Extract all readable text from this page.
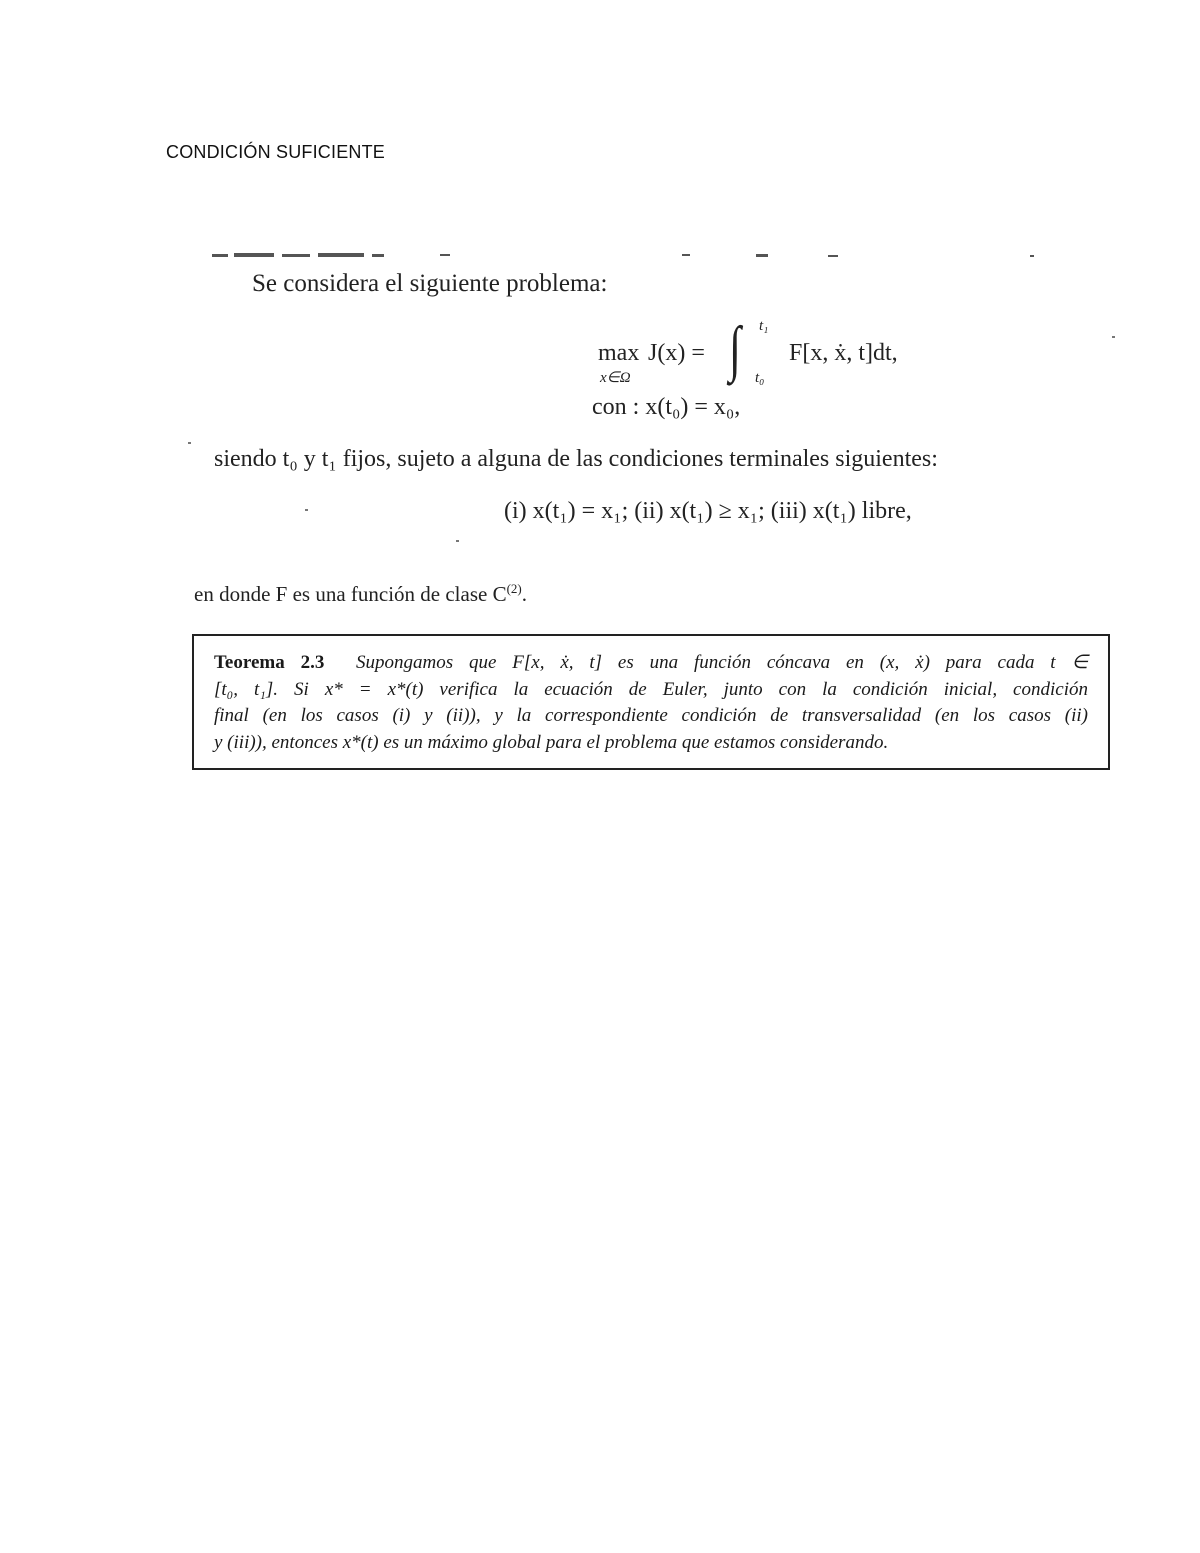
CONDICIÓN SUFICIENTE
Se considera el siguiente problema:
max
x∈Ω
J(x) = ∫ t₁
t₀
F[x, ẋ, t]dt,
con : x(t₀) = x₀,
siendo t₀ y t₁ fijos, sujeto a alguna de las condiciones terminales siguientes:
(i) x(t₁) = x₁; (ii) x(t₁) ≥ x₁; (iii) x(t₁) libre,
en donde F es una función de clase $C^{(2)}$.

Teorema 2.3 Supongamos que F[x, ẋ, t] es una función cóncava en (x, ẋ) para cada t ∈

[t₀, t₁]. Si x* = x*(t) verifica la ecuación de Euler, junto con la condición inicial, condición

final (en los casos (i) y (ii)), y la correspondiente condición de transversalidad (en los casos (ii)

y (iii)), entonces x*(t) es un máximo global para el problema que estamos considerando.
